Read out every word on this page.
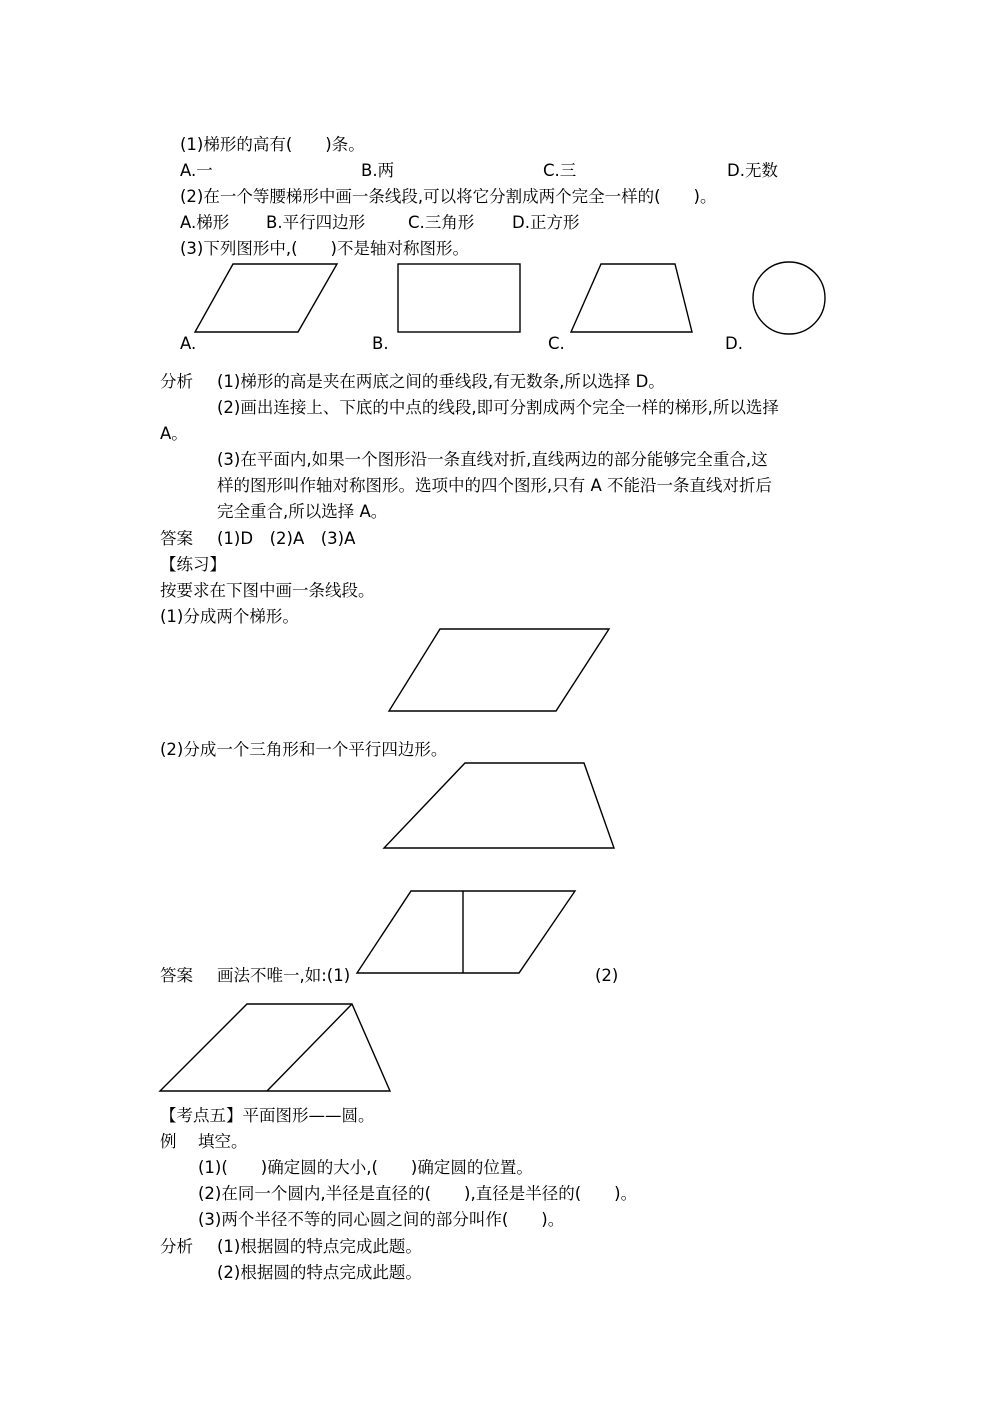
(1)梯形的高有(　　)条。
A.一	B.两	C.三	D.无数
(2)在一个等腰梯形中画一条线段,可以将它分割成两个完全一样的(　　)。
A.梯形 B.平行四边形	C.三角形 D.正方形
(3)下列图形中,(　　)不是轴对称图形。
A.	B.	C.	D.
分析 (1)梯形的高是夹在两底之间的垂线段,有无数条,所以选择 D。
(2)画出连接上、下底的中点的线段,即可分割成两个完全一样的梯形,所以选择
A。
(3)在平面内,如果一个图形沿一条直线对折,直线两边的部分能够完全重合,这
样的图形叫作轴对称图形。选项中的四个图形,只有 A 不能沿一条直线对折后
完全重合,所以选择 A。
答案 (1)D　(2)A　(3)A
【练习】
按要求在下图中画一条线段。
(1)分成两个梯形。
(2)分成一个三角形和一个平行四边形。
答案 画法不唯一,如:(1)	(2)
【考点五】平面图形——圆。
例 填空。
(1)(　　)确定圆的大小,(　　)确定圆的位置。
(2)在同一个圆内,半径是直径的(　　),直径是半径的(　　)。
(3)两个半径不等的同心圆之间的部分叫作(　　)。
分析 (1)根据圆的特点完成此题。
(2)根据圆的特点完成此题。
